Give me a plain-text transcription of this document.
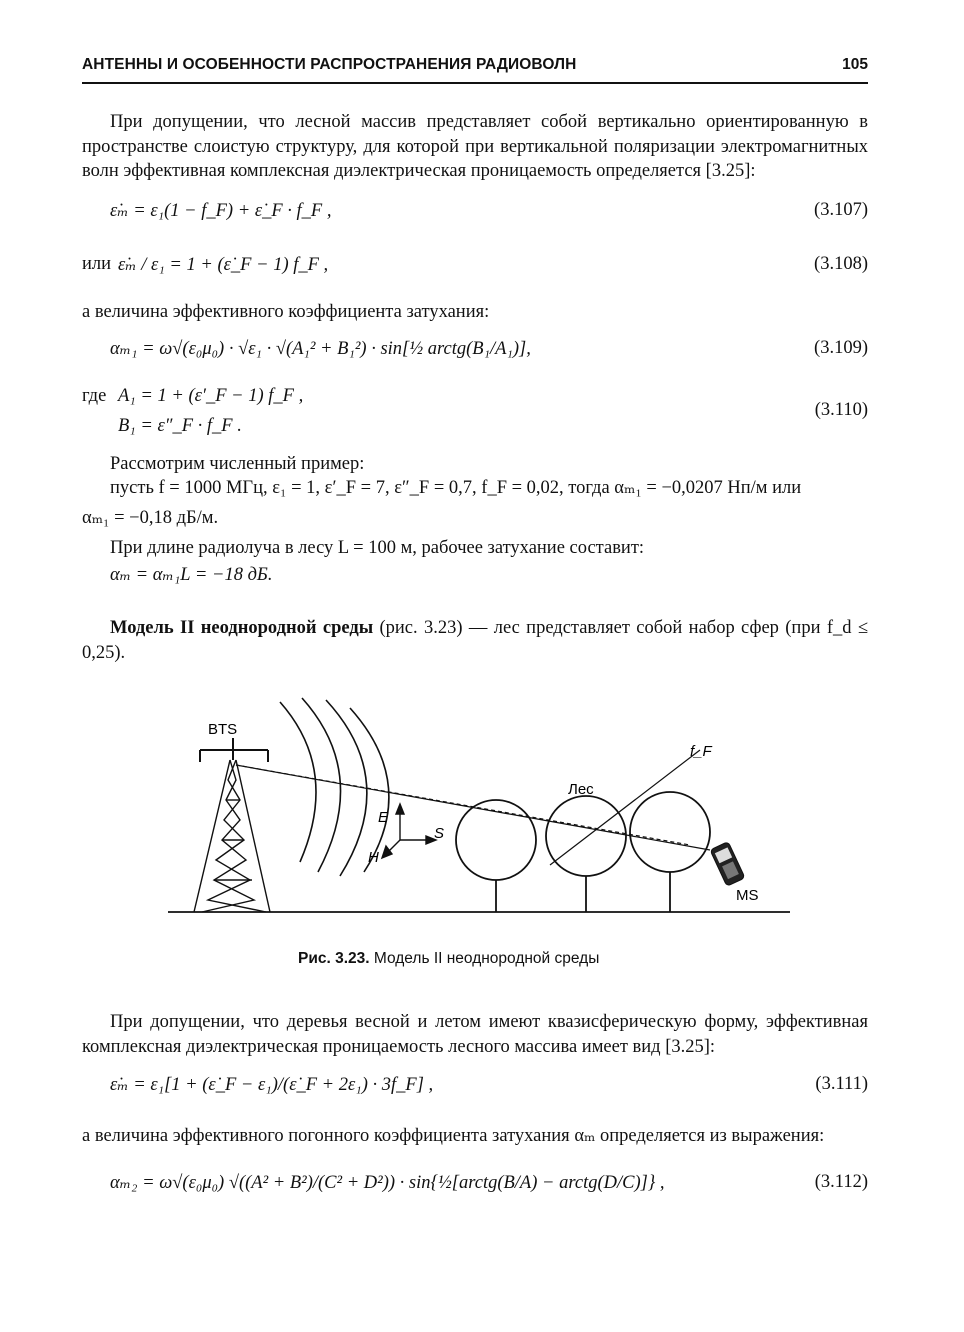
АНТЕННЫ И ОСОБЕННОСТИ РАСПРОСТРАНЕНИЯ РАДИОВОЛН	105
При допущении, что лесной массив представляет собой вертикально ориентированную в пространстве слоистую структуру, для которой при вертикальной поляризации электромагнитных волн эффективная комплексная диэлектрическая проницаемость определяется [3.25]:
ε̇ₘ = ε₁(1 − f_F) + ε̇_F · f_F ,	(3.107)
или ε̇ₘ / ε₁ = 1 + (ε̇_F − 1) f_F ,	(3.108)
а величина эффективного коэффициента затухания:
αₘ₁ = ω√(ε₀μ₀) · √ε₁ · √(A₁² + B₁²) · sin[½ arctg(B₁/A₁)],	(3.109)
где A₁ = 1 + (ε′_F − 1) f_F ,
B₁ = ε″_F · f_F .
(3.110)
Рассмотрим численный пример:
пусть f = 1000 МГц, ε₁ = 1, ε′_F = 7, ε″_F = 0,7, f_F = 0,02, тогда αₘ₁ = −0,0207 Нп/м или
αₘ₁ = −0,18 дБ/м.
При длине радиолуча в лесу L = 100 м, рабочее затухание составит:
αₘ = αₘ₁L = −18 дБ.
Модель II неоднородной среды (рис. 3.23) — лес представляет собой набор сфер (при f_d ≤ 0,25).
BTS
f_F
Лес
E
S
H
MS
Рис. 3.23. Модель II неоднородной среды
При допущении, что деревья весной и летом имеют квазисферическую форму, эффективная комплексная диэлектрическая проницаемость лесного массива имеет вид [3.25]:
ε̇ₘ = ε₁[1 + (ε̇_F − ε₁)/(ε̇_F + 2ε₁) · 3f_F] ,	(3.111)
а величина эффективного погонного коэффициента затухания αₘ определяется из выражения:
αₘ₂ = ω√(ε₀μ₀) √((A² + B²)/(C² + D²)) · sin{½[arctg(B/A) − arctg(D/C)]} ,	(3.112)
